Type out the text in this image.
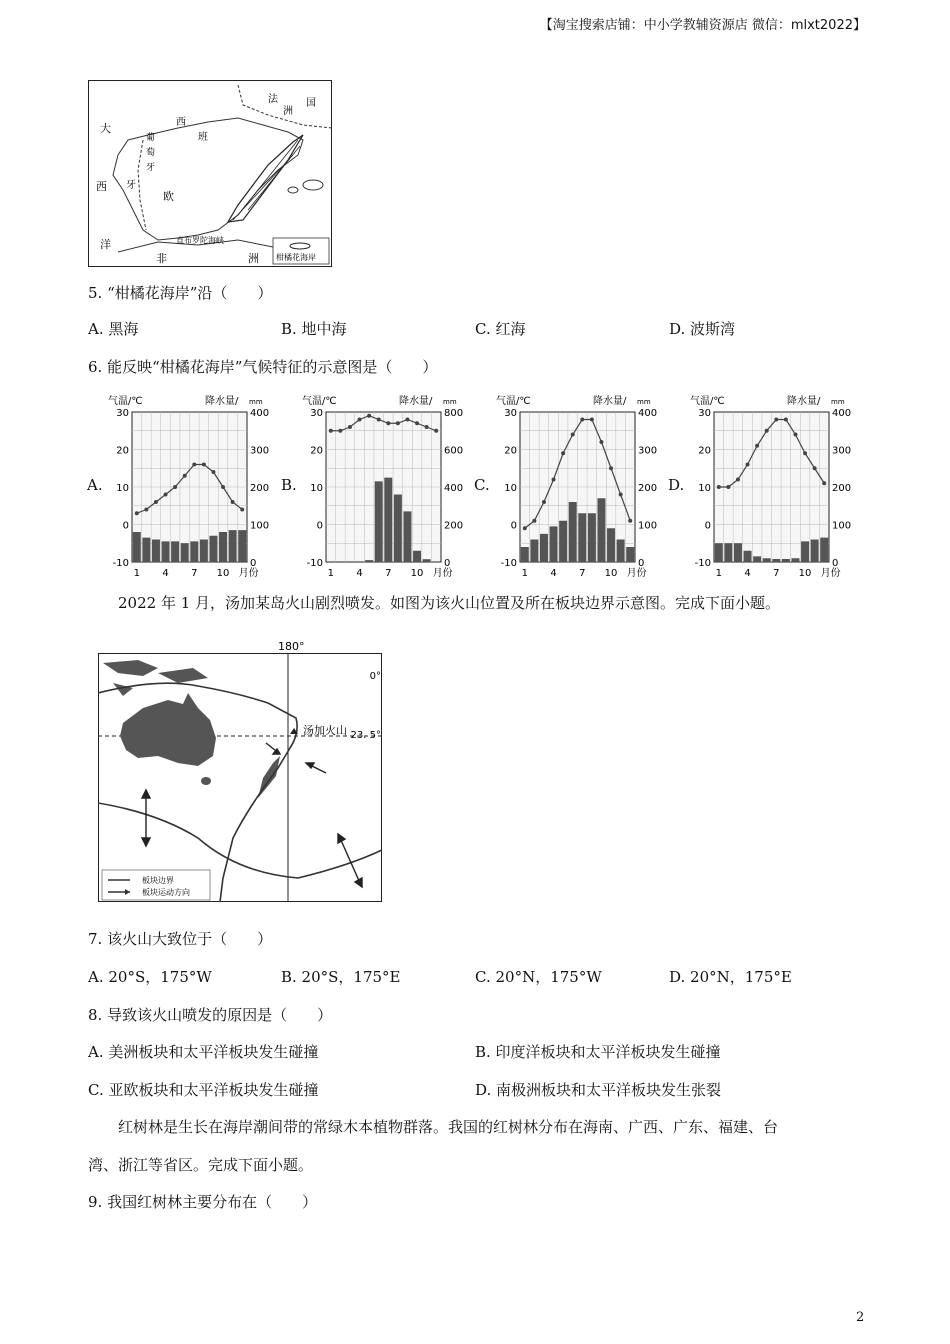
【淘宝搜索店铺：中小学教辅资源店 微信：mlxt2022】
大
西
洋
法
洲
国
葡
萄
牙
西
班
欧
牙
非	洲
直布罗陀海峡
柑橘花海岸
5. “柑橘花海岸”沿（　　）
A. 黑海	B. 地中海	C. 红海	D. 波斯湾
6. 能反映“柑橘花海岸”气候特征的示意图是（　　）
A.	B.	C.	D.
气温/℃	降水量/ mm
30
20
10
0
-10
400
300
200
100
0
1 4 7 10 月份
气温/℃	降水量/ mm
30
20
10
0
-10
800
600
400
200
0
1 4 7 10 月份
气温/℃	降水量/ mm
30
20
10
0
-10
400
300
200
100
0
1 4 7 10 月份
气温/℃	降水量/ mm
30
20
10
0
-10
400
300
200
100
0
1 4 7 10 月份
2022 年 1 月，汤加某岛火山剧烈喷发。如图为该火山位置及所在板块边界示意图。完成下面小题。
180°
汤加火山
0°
23. 5°
板块边界
板块运动方向
7. 该火山大致位于（　　）
A. 20°S，175°W	B. 20°S，175°E	C. 20°N，175°W	D. 20°N，175°E
8. 导致该火山喷发的原因是（　　）
A. 美洲板块和太平洋板块发生碰撞	B. 印度洋板块和太平洋板块发生碰撞
C. 亚欧板块和太平洋板块发生碰撞	D. 南极洲板块和太平洋板块发生张裂
红树林是生长在海岸潮间带的常绿木本植物群落。我国的红树林分布在海南、广西、广东、福建、台
湾、浙江等省区。完成下面小题。
9. 我国红树林主要分布在（　　）
2
